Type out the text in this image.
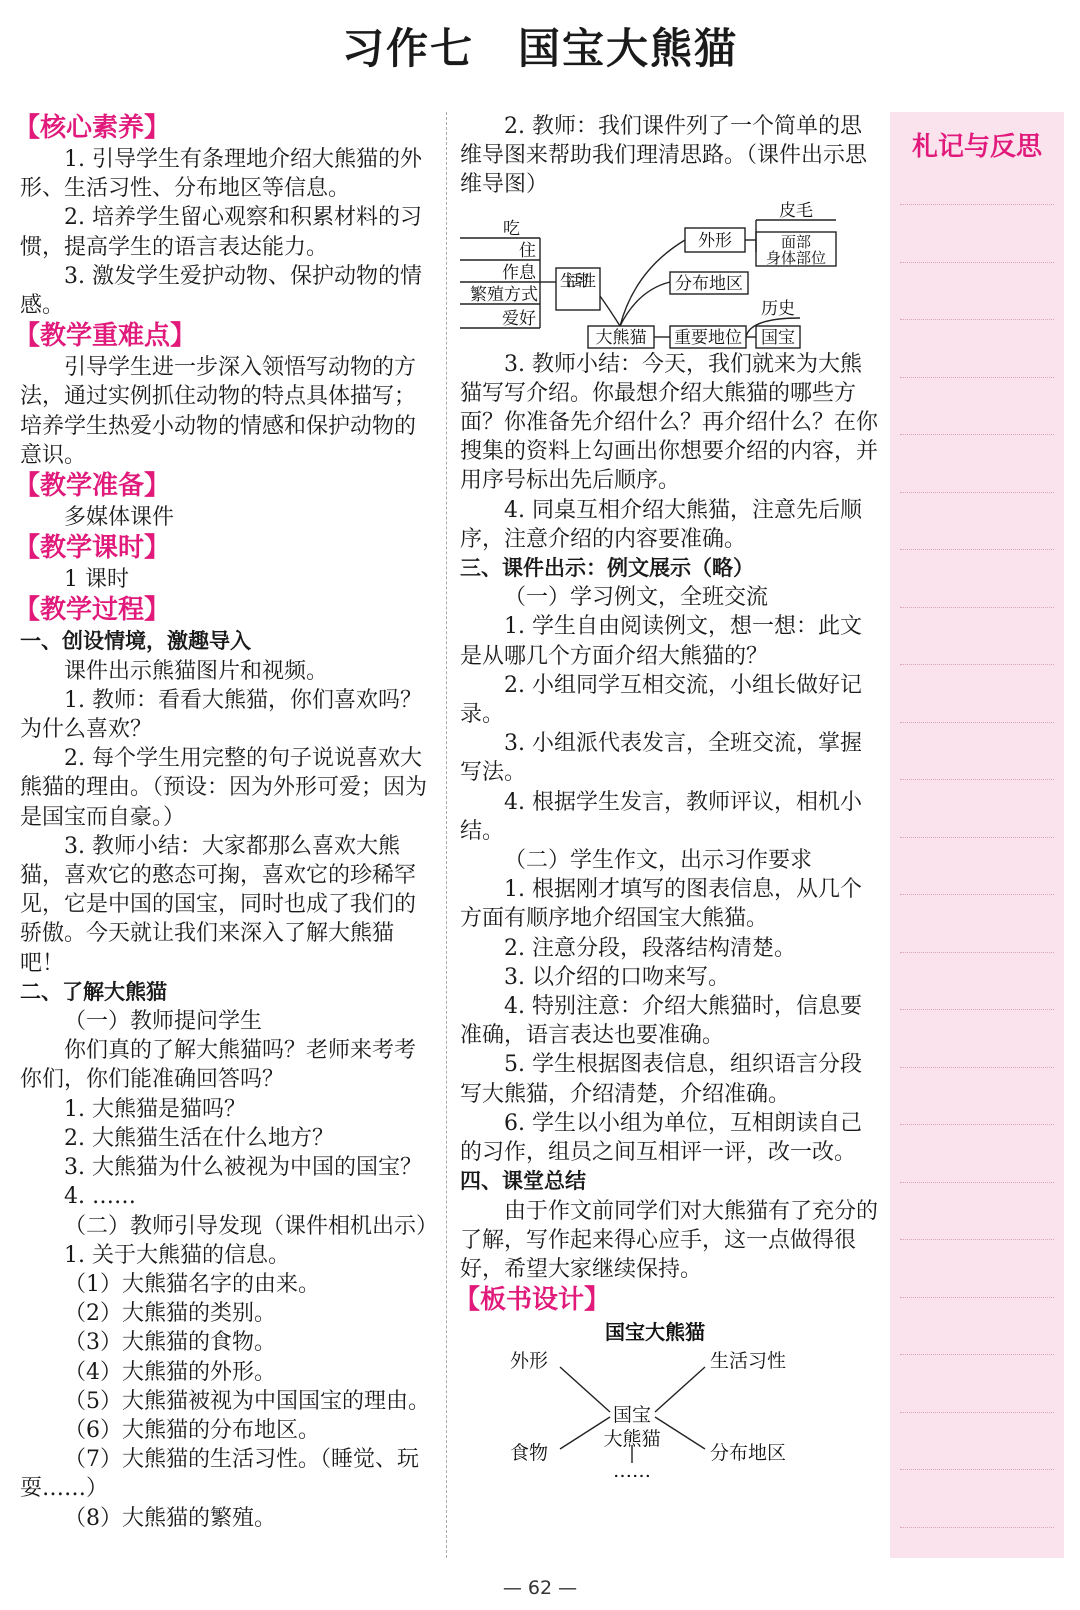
习作七　国宝大熊猫
【核心素养】
1. 引导学生有条理地介绍大熊猫的外形、生活习性、分布地区等信息。
2. 培养学生留心观察和积累材料的习惯，提高学生的语言表达能力。
3. 激发学生爱护动物、保护动物的情感。
【教学重难点】
引导学生进一步深入领悟写动物的方法，通过实例抓住动物的特点具体描写；培养学生热爱小动物的情感和保护动物的意识。
【教学准备】
多媒体课件
【教学课时】
1 课时
【教学过程】
一、创设情境，激趣导入
课件出示熊猫图片和视频。
1. 教师：看看大熊猫，你们喜欢吗？为什么喜欢？
2. 每个学生用完整的句子说说喜欢大熊猫的理由。（预设：因为外形可爱；因为是国宝而自豪。）
3. 教师小结：大家都那么喜欢大熊猫，喜欢它的憨态可掬，喜欢它的珍稀罕见，它是中国的国宝，同时也成了我们的骄傲。今天就让我们来深入了解大熊猫吧！
二、了解大熊猫
（一）教师提问学生
你们真的了解大熊猫吗？老师来考考你们，你们能准确回答吗？
1. 大熊猫是猫吗？
2. 大熊猫生活在什么地方？
3. 大熊猫为什么被视为中国的国宝？
4. ……
（二）教师引导发现（课件相机出示）
1. 关于大熊猫的信息。
（1）大熊猫名字的由来。
（2）大熊猫的类别。
（3）大熊猫的食物。
（4）大熊猫的外形。
（5）大熊猫被视为中国国宝的理由。
（6）大熊猫的分布地区。
（7）大熊猫的生活习性。（睡觉、玩耍……）
（8）大熊猫的繁殖。
2. 教师：我们课件列了一个简单的思维导图来帮助我们理清思路。（课件出示思维导图）
吃
住
作息
繁殖方式
爱好
生活习性
大熊猫
外形
皮毛
面部
身体部位
分布地区
重要地位
历史
国宝
3. 教师小结：今天，我们就来为大熊猫写写介绍。你最想介绍大熊猫的哪些方面？你准备先介绍什么？再介绍什么？在你搜集的资料上勾画出你想要介绍的内容，并用序号标出先后顺序。
4. 同桌互相介绍大熊猫，注意先后顺序，注意介绍的内容要准确。
三、课件出示：例文展示（略）
（一）学习例文，全班交流
1. 学生自由阅读例文，想一想：此文是从哪几个方面介绍大熊猫的？
2. 小组同学互相交流，小组长做好记录。
3. 小组派代表发言，全班交流，掌握写法。
4. 根据学生发言，教师评议，相机小结。
（二）学生作文，出示习作要求
1. 根据刚才填写的图表信息，从几个方面有顺序地介绍国宝大熊猫。
2. 注意分段，段落结构清楚。
3. 以介绍的口吻来写。
4. 特别注意：介绍大熊猫时，信息要准确，语言表达也要准确。
5. 学生根据图表信息，组织语言分段写大熊猫，介绍清楚，介绍准确。
6. 学生以小组为单位，互相朗读自己的习作，组员之间互相评一评，改一改。
四、课堂总结
由于作文前同学们对大熊猫有了充分的了解，写作起来得心应手，这一点做得很好，希望大家继续保持。
【板书设计】
国宝大熊猫
外形	生活习性
国宝
大熊猫
食物	分布地区
……
札记与反思
— 62 —
